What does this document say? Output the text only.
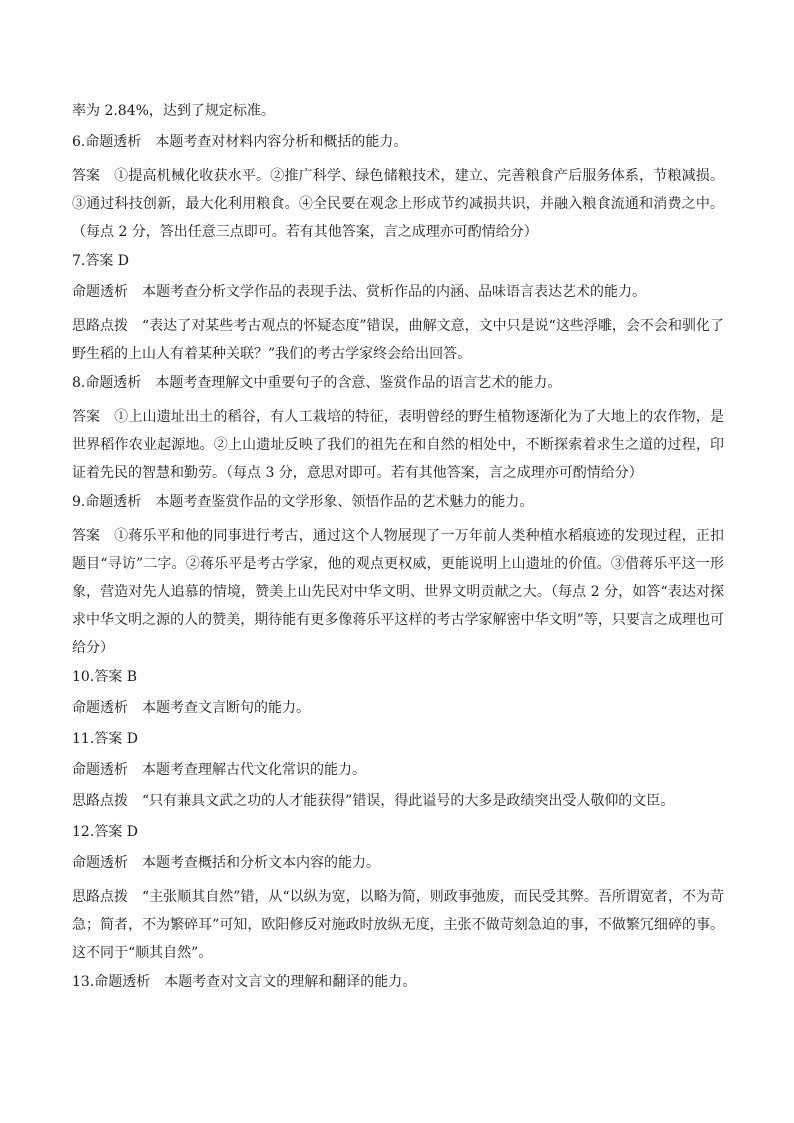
率为 2.84%，达到了规定标准。

6.命题透析　本题考查对材料内容分析和概括的能力。

答案 ①提高机械化收获水平。②推广科学、绿色储粮技术，建立、完善粮食产后服务体系，节粮减损。③通过科技创新，最大化利用粮食。④全民要在观念上形成节约减损共识，并融入粮食流通和消费之中。（每点 2 分，答出任意三点即可。若有其他答案，言之成理亦可酌情给分）

7.答案 D

命题透析　本题考查分析文学作品的表现手法、赏析作品的内涵、品味语言表达艺术的能力。

思路点拨 “表达了对某些考古观点的怀疑态度”错误，曲解文意，文中只是说“这些浮雕，会不会和驯化了野生稻的上山人有着某种关联？”我们的考古学家终会给出回答。

8.命题透析　本题考查理解文中重要句子的含意、鉴赏作品的语言艺术的能力。

答案 ①上山遗址出土的稻谷，有人工栽培的特征，表明曾经的野生植物逐渐化为了大地上的农作物，是世界稻作农业起源地。②上山遗址反映了我们的祖先在和自然的相处中，不断探索着求生之道的过程，印证着先民的智慧和勤劳。（每点 3 分，意思对即可。若有其他答案，言之成理亦可酌情给分）

9.命题透析　本题考查鉴赏作品的文学形象、领悟作品的艺术魅力的能力。

答案 ①蒋乐平和他的同事进行考古，通过这个人物展现了一万年前人类种植水稻痕迹的发现过程，正扣题目“寻访”二字。②蒋乐平是考古学家，他的观点更权威，更能说明上山遗址的价值。③借蒋乐平这一形象，营造对先人追慕的情境，赞美上山先民对中华文明、世界文明贡献之大。（每点 2 分，如答“表达对探求中华文明之源的人的赞美，期待能有更多像蒋乐平这样的考古学家解密中华文明”等，只要言之成理也可给分）

10.答案 B

命题透析　本题考查文言断句的能力。

11.答案 D

命题透析　本题考查理解古代文化常识的能力。

思路点拨 “只有兼具文武之功的人才能获得”错误，得此谥号的大多是政绩突出受人敬仰的文臣。

12.答案 D

命题透析　本题考查概括和分析文本内容的能力。

思路点拨 “主张顺其自然”错，从“以纵为宽，以略为简，则政事弛废，而民受其弊。吾所谓宽者，不为苛急；简者，不为繁碎耳”可知，欧阳修反对施政时放纵无度，主张不做苛刻急迫的事，不做繁冗细碎的事。这不同于“顺其自然”。

13.命题透析　本题考查对文言文的理解和翻译的能力。
